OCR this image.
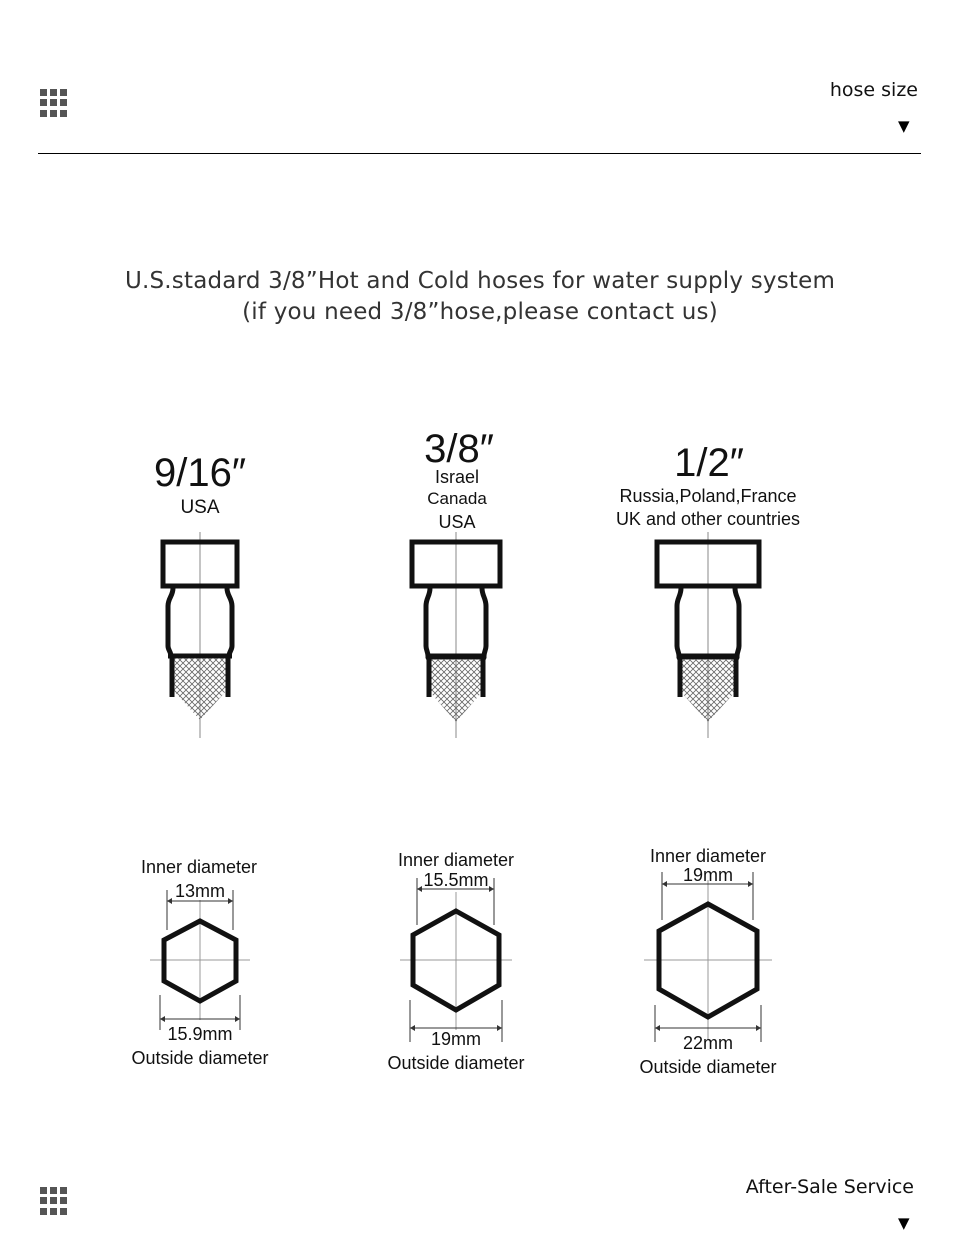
hose size
▼
U.S.stadard 3/8”Hot and Cold hoses for water supply system
(if you need 3/8”hose,please contact us)
9/16″
USA
3/8″
Israel
Canada
USA
1/2″
Russia,Poland,France
UK and other countries
Inner diameter
13mm
15.9mm
Outside diameter
Inner diameter
15.5mm
19mm
Outside diameter
Inner diameter
19mm
22mm
Outside diameter
After-Sale Service
▼
